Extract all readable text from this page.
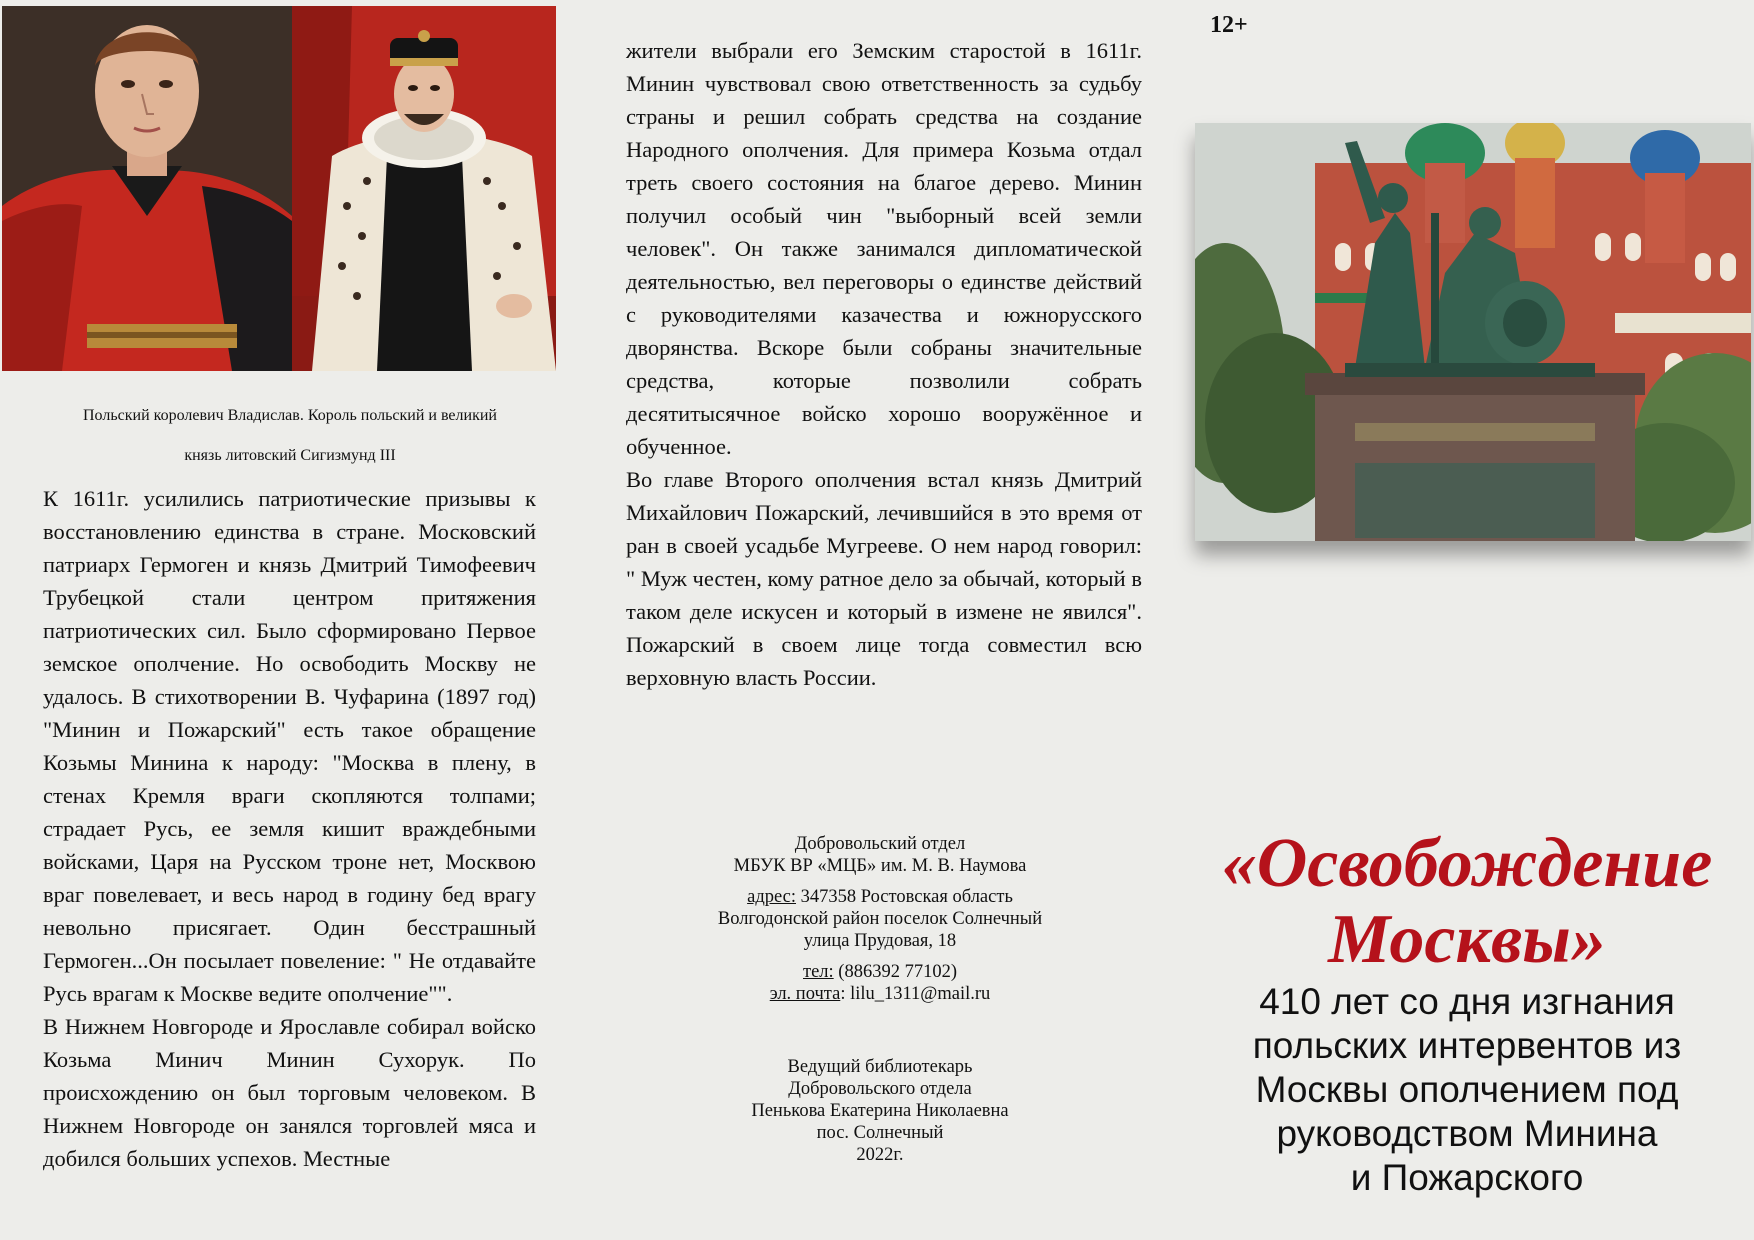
Польский королевич Владислав. Король польский и великий
князь литовский Сигизмунд III

К 1611г. усилились патриотические призывы к восстановлению единства в стране. Московский патриарх Гермоген и князь Дмитрий Тимофеевич Трубецкой стали центром притяжения патриотических сил. Было сформировано Первое земское ополчение. Но освободить Москву не удалось. В стихотворении В. Чуфарина (1897 год) "Минин и Пожарский" есть такое обращение Козьмы Минина к народу: "Москва в плену, в стенах Кремля враги скопляются толпами; страдает Русь, ее земля кишит враждебными войсками, Царя на Русском троне нет, Москвою враг повелевает, и весь народ в годину бед врагу невольно присягает. Один бесстрашный Гермоген...Он посылает повеление: " Не отдавайте Русь врагам к Москве ведите ополчение"".

В Нижнем Новгороде и Ярославле собирал войско Козьма Минич Минин Сухорук. По происхождению он был торговым человеком. В Нижнем Новгороде он занялся торговлей мяса и добился больших успехов. Местные

жители выбрали его Земским старостой в 1611г. Минин чувствовал свою ответственность за судьбу страны и решил собрать средства на создание Народного ополчения. Для примера Козьма отдал треть своего состояния на благое дерево. Минин получил особый чин "выборный всей земли человек". Он также занимался дипломатической деятельностью, вел переговоры о единстве действий с руководителями казачества и южнорусского дворянства. Вскоре были собраны значительные средства, которые позволили собрать десятитысячное войско хорошо вооружённое и обученное.

Во главе Второго ополчения встал князь Дмитрий Михайлович Пожарский, лечившийся в это время от ран в своей усадьбе Мугрееве. О нем народ говорил: " Муж честен, кому ратное дело за обычай, который в таком деле искусен и который в измене не явился". Пожарский в своем лице тогда совместил всю верховную власть России.

Добровольский отдел

МБУК ВР «МЦБ» им. М. В. Наумова

адрес: 347358 Ростовская область

Волгодонской район поселок Солнечный

улица Прудовая, 18

тел: (886392 77102)

эл. почта: lilu_1311@mail.ru

Ведущий библиотекарь

Добровольского отдела

Пенькова Екатерина Николаевна

пос. Солнечный

2022г.

12+

«Освобождение
Москвы»

410 лет со дня изгнания
польских интервентов из
Москвы ополчением под
руководством Минина
и Пожарского
